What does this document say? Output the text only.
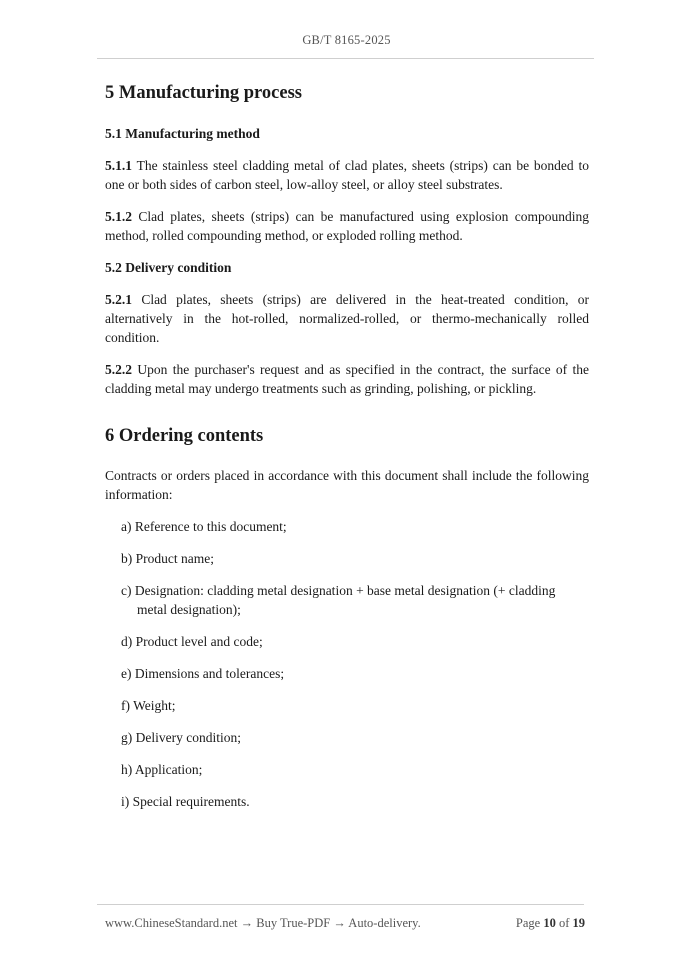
GB/T 8165-2025
5 Manufacturing process
5.1 Manufacturing method

5.1.1 The stainless steel cladding metal of clad plates, sheets (strips) can be bonded to one or both sides of carbon steel, low-alloy steel, or alloy steel substrates.

5.1.2 Clad plates, sheets (strips) can be manufactured using explosion compounding method, rolled compounding method, or exploded rolling method.

5.2 Delivery condition

5.2.1 Clad plates, sheets (strips) are delivered in the heat-treated condition, or alternatively in the hot-rolled, normalized-rolled, or thermo-mechanically rolled condition.

5.2.2 Upon the purchaser's request and as specified in the contract, the surface of the cladding metal may undergo treatments such as grinding, polishing, or pickling.

6 Ordering contents

Contracts or orders placed in accordance with this document shall include the following information:

a) Reference to this document;
b) Product name;
c) Designation: cladding metal designation + base metal designation (+ cladding
metal designation);
d) Product level and code;
e) Dimensions and tolerances;
f) Weight;
g) Delivery condition;
h) Application;
i) Special requirements.
www.ChineseStandard.net → Buy True-PDF → Auto-delivery.	Page 10 of 19
